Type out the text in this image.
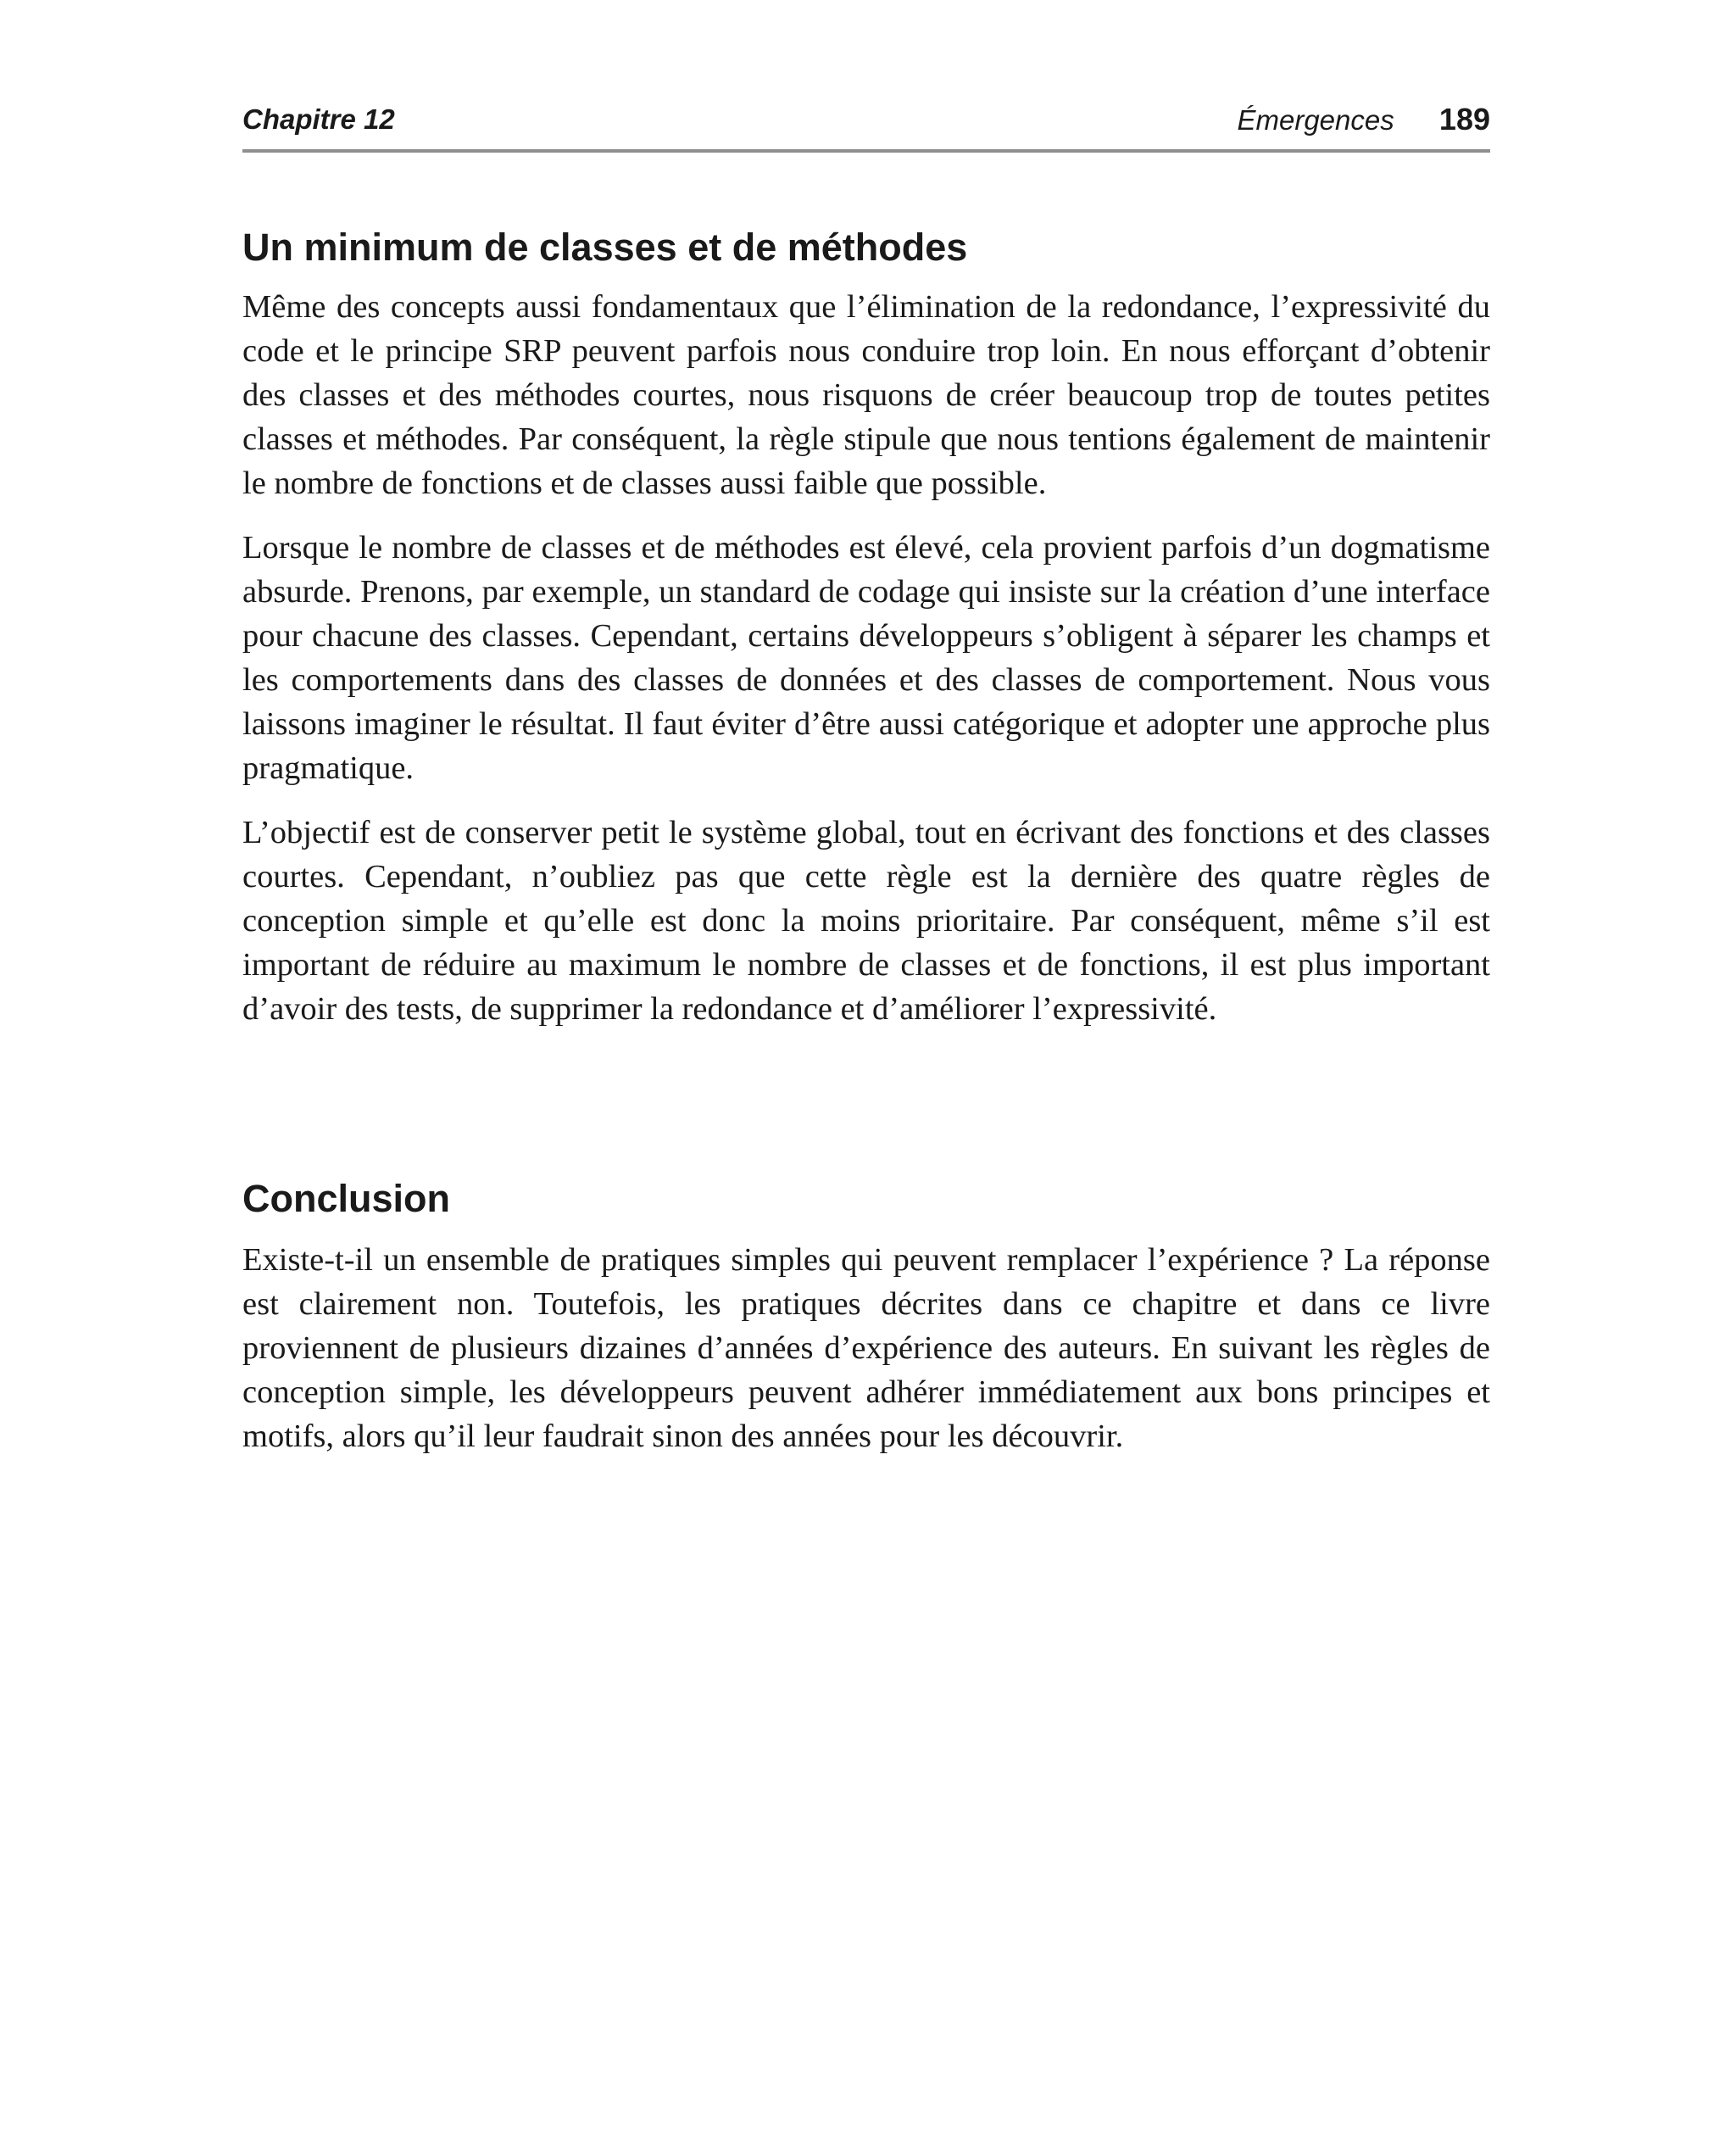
Chapitre 12	Émergences 189
Un minimum de classes et de méthodes

Même des concepts aussi fondamentaux que l’élimination de la redondance, l’expressivité du code et le principe SRP peuvent parfois nous conduire trop loin. En nous efforçant d’obtenir des classes et des méthodes courtes, nous risquons de créer beaucoup trop de toutes petites classes et méthodes. Par conséquent, la règle stipule que nous tentions également de maintenir le nombre de fonctions et de classes aussi faible que possible.

Lorsque le nombre de classes et de méthodes est élevé, cela provient parfois d’un dogmatisme absurde. Prenons, par exemple, un standard de codage qui insiste sur la création d’une interface pour chacune des classes. Cependant, certains développeurs s’obligent à séparer les champs et les comportements dans des classes de données et des classes de comportement. Nous vous laissons imaginer le résultat. Il faut éviter d’être aussi catégorique et adopter une approche plus pragmatique.

L’objectif est de conserver petit le système global, tout en écrivant des fonctions et des classes courtes. Cependant, n’oubliez pas que cette règle est la dernière des quatre règles de conception simple et qu’elle est donc la moins prioritaire. Par conséquent, même s’il est important de réduire au maximum le nombre de classes et de fonctions, il est plus important d’avoir des tests, de supprimer la redondance et d’améliorer l’expressivité.

Conclusion

Existe-t-il un ensemble de pratiques simples qui peuvent remplacer l’expérience ? La réponse est clairement non. Toutefois, les pratiques décrites dans ce chapitre et dans ce livre proviennent de plusieurs dizaines d’années d’expérience des auteurs. En suivant les règles de conception simple, les développeurs peuvent adhérer immédiatement aux bons principes et motifs, alors qu’il leur faudrait sinon des années pour les découvrir.
